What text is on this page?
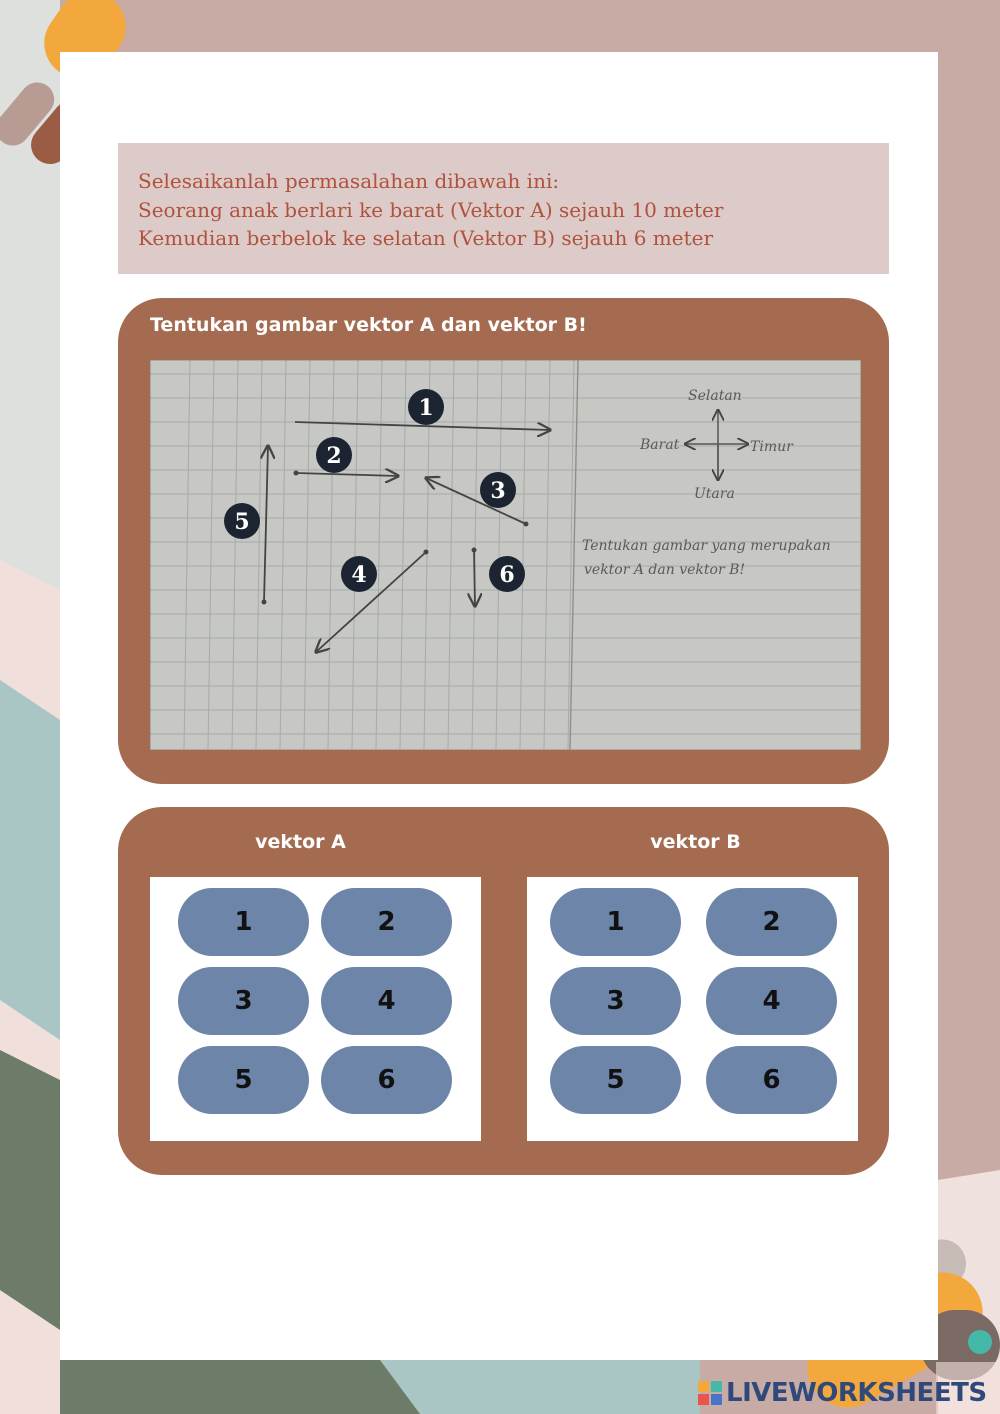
Selesaikanlah permasalahan dibawah ini:

Seorang anak berlari ke barat (Vektor A) sejauh 10 meter

Kemudian berbelok ke selatan (Vektor B) sejauh 6 meter

Tentukan gambar vektor A dan vektor B!
1
2
3
4
5
6
Selatan
Barat	Timur
Utara
Tentukan gambar yang merupakan
vektor A dan vektor B!
vektor A	vektor B
1	2
3	4
5	6
1	2
3	4
5	6
LIVEWORKSHEETS
